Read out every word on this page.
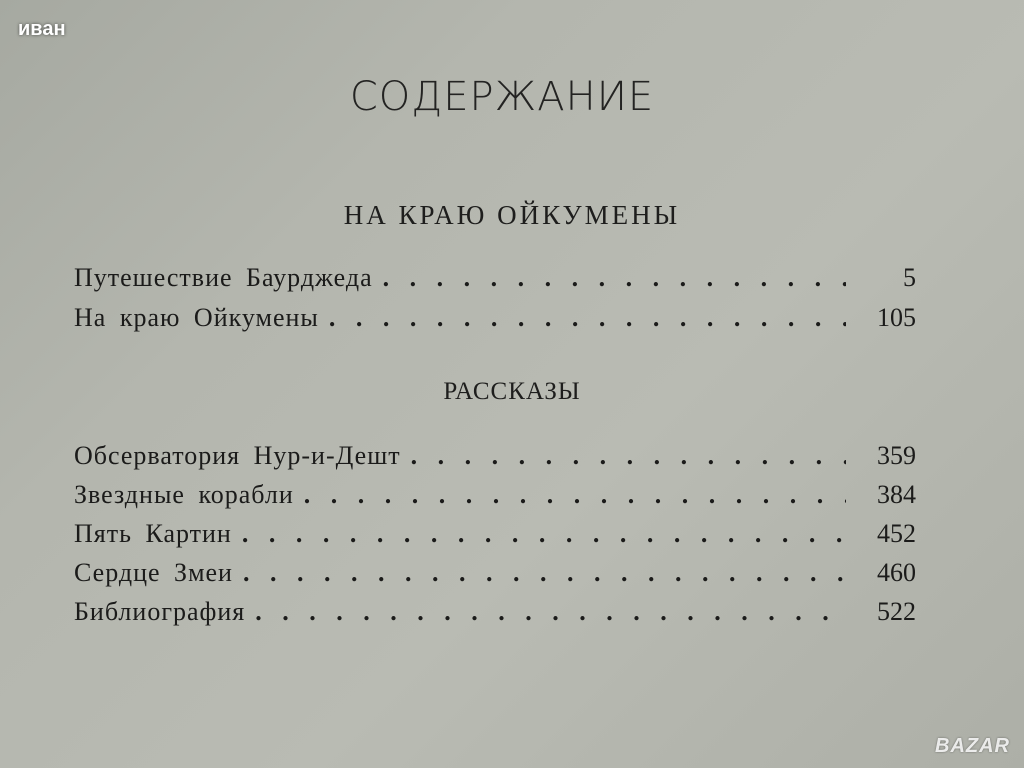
иван
СОДЕРЖАНИЕ
НА КРАЮ ОЙКУМЕНЫ
Путешествие Баурджеда . . .	5
На краю Ойкумены . . .	105
РАССКАЗЫ
Обсерватория Нур-и-Дешт . . .	359
Звездные корабли . . .	384
Пять Картин . . .	452
Сердце Змеи . . .	460
Библиография . . .	522
BAZAR
